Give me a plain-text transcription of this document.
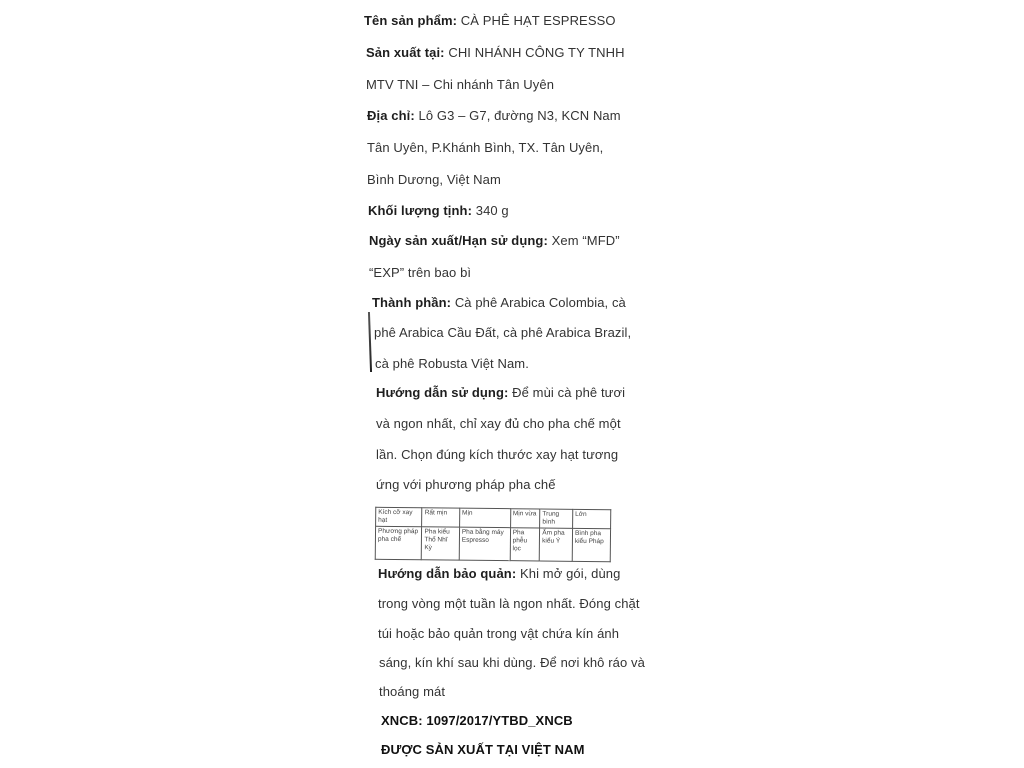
Tên sản phẩm: CÀ PHÊ HẠT ESPRESSO
Sản xuất tại: CHI NHÁNH CÔNG TY TNHH
MTV TNI – Chi nhánh Tân Uyên
Địa chỉ: Lô G3 – G7, đường N3, KCN Nam
Tân Uyên, P.Khánh Bình, TX. Tân Uyên,
Bình Dương, Việt Nam
Khối lượng tịnh: 340 g
Ngày sản xuất/Hạn sử dụng: Xem “MFD”
“EXP” trên bao bì
Thành phần: Cà phê Arabica Colombia, cà
phê Arabica Cầu Đất, cà phê Arabica Brazil,
cà phê Robusta Việt Nam.
Hướng dẫn sử dụng: Để mùi cà phê tươi
và ngon nhất, chỉ xay đủ cho pha chế một
lần. Chọn đúng kích thước xay hạt tương
ứng với phương pháp pha chế
Kích cỡ xay hạt	Rất mịn	Mịn	Mịn vừa	Trung bình	Lớn
Phương pháp pha chế	Pha kiểu Thổ Nhĩ Kỳ	Pha bằng máy Espresso	Pha phễu lọc	Ấm pha kiểu Ý	Bình pha kiểu Pháp
Hướng dẫn bảo quản: Khi mở gói, dùng
trong vòng một tuần là ngon nhất. Đóng chặt
túi hoặc bảo quản trong vật chứa kín ánh
sáng, kín khí sau khi dùng. Để nơi khô ráo và
thoáng mát
XNCB: 1097/2017/YTBD_XNCB
ĐƯỢC SẢN XUẤT TẠI VIỆT NAM
